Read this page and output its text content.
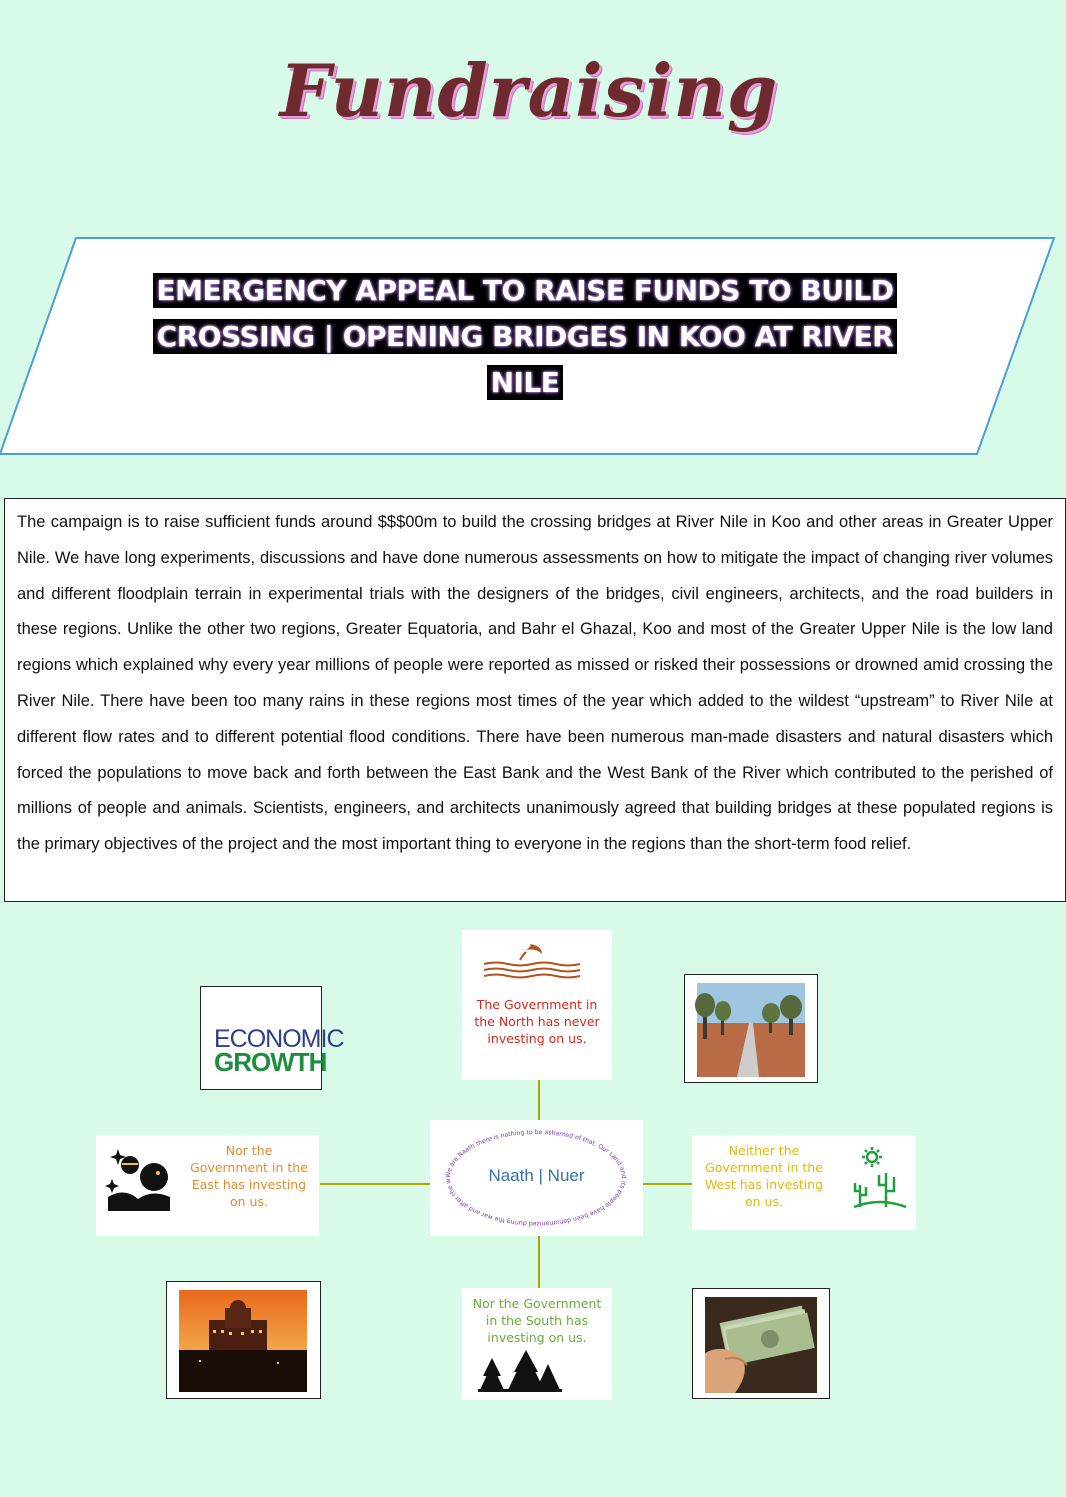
Fundraising
EMERGENCY APPEAL TO RAISE FUNDS TO BUILD
CROSSING | OPENING BRIDGES IN KOO AT RIVER
NILE

The campaign is to raise sufficient funds around $$$00m to build the crossing bridges at River Nile in Koo and other areas in Greater Upper Nile. We have long experiments, discussions and have done numerous assessments on how to mitigate the impact of changing river volumes and different floodplain terrain in experimental trials with the designers of the bridges, civil engineers, architects, and the road builders in these regions. Unlike the other two regions, Greater Equatoria, and Bahr el Ghazal, Koo and most of the Greater Upper Nile is the low land regions which explained why every year millions of people were reported as missed or risked their possessions or drowned amid crossing the River Nile. There have been too many rains in these regions most times of the year which added to the wildest “upstream” to River Nile at different flow rates and to different potential flood conditions. There have been numerous man-made disasters and natural disasters which forced the populations to move back and forth between the East Bank and the West Bank of the River which contributed to the perished of millions of people and animals. Scientists, engineers, and architects unanimously agreed that building bridges at these populated regions is the primary objectives of the project and the most important thing to everyone in the regions than the short-term food relief.

We are Naath there is nothing to be ashamed of that. Our Land and its people have been dehumanized during the war and after the w	Naath | Nuer
The Government in the North has never investing on us.
ECONOMIC
GROWTH
Nor the Government in the East has investing on us.
Neither the Government in the West has investing on us.
Nor the Government in the South has investing on us.
